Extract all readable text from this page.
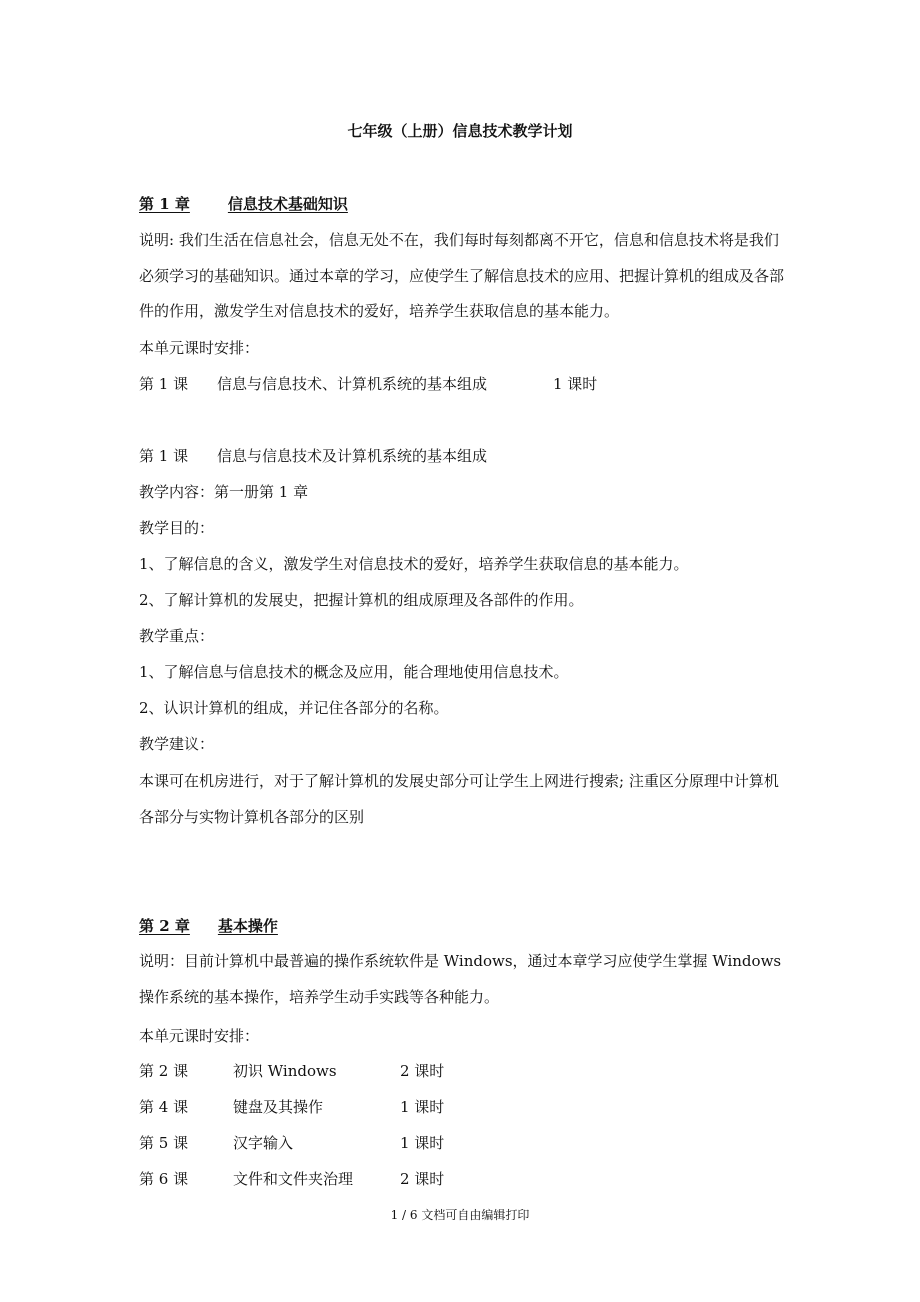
七年级（上册）信息技术教学计划
第 1 章	信息技术基础知识
说明: 我们生活在信息社会，信息无处不在，我们每时每刻都离不开它，信息和信息技术将是我们必须学习的基础知识。通过本章的学习，应使学生了解信息技术的应用、把握计算机的组成及各部件的作用，激发学生对信息技术的爱好，培养学生获取信息的基本能力。
本单元课时安排：
第 1 课 信息与信息技术、计算机系统的基本组成	1 课时
第 1 课 信息与信息技术及计算机系统的基本组成
教学内容：第一册第 1 章
教学目的：
1、了解信息的含义，激发学生对信息技术的爱好，培养学生获取信息的基本能力。
2、了解计算机的发展史，把握计算机的组成原理及各部件的作用。
教学重点：
1、了解信息与信息技术的概念及应用，能合理地使用信息技术。
2、认识计算机的组成，并记住各部分的名称。
教学建议：
本课可在机房进行，对于了解计算机的发展史部分可让学生上网进行搜索; 注重区分原理中计算机各部分与实物计算机各部分的区别
第 2 章 基本操作
说明：目前计算机中最普遍的操作系统软件是 Windows，通过本章学习应使学生掌握 Windows 操作系统的基本操作，培养学生动手实践等各种能力。
本单元课时安排：
第 2 课	初识 Windows	2 课时
第 4 课	键盘及其操作	1 课时
第 5 课	汉字输入	1 课时
第 6 课	文件和文件夹治理	2 课时
1 / 6 文档可自由编辑打印
